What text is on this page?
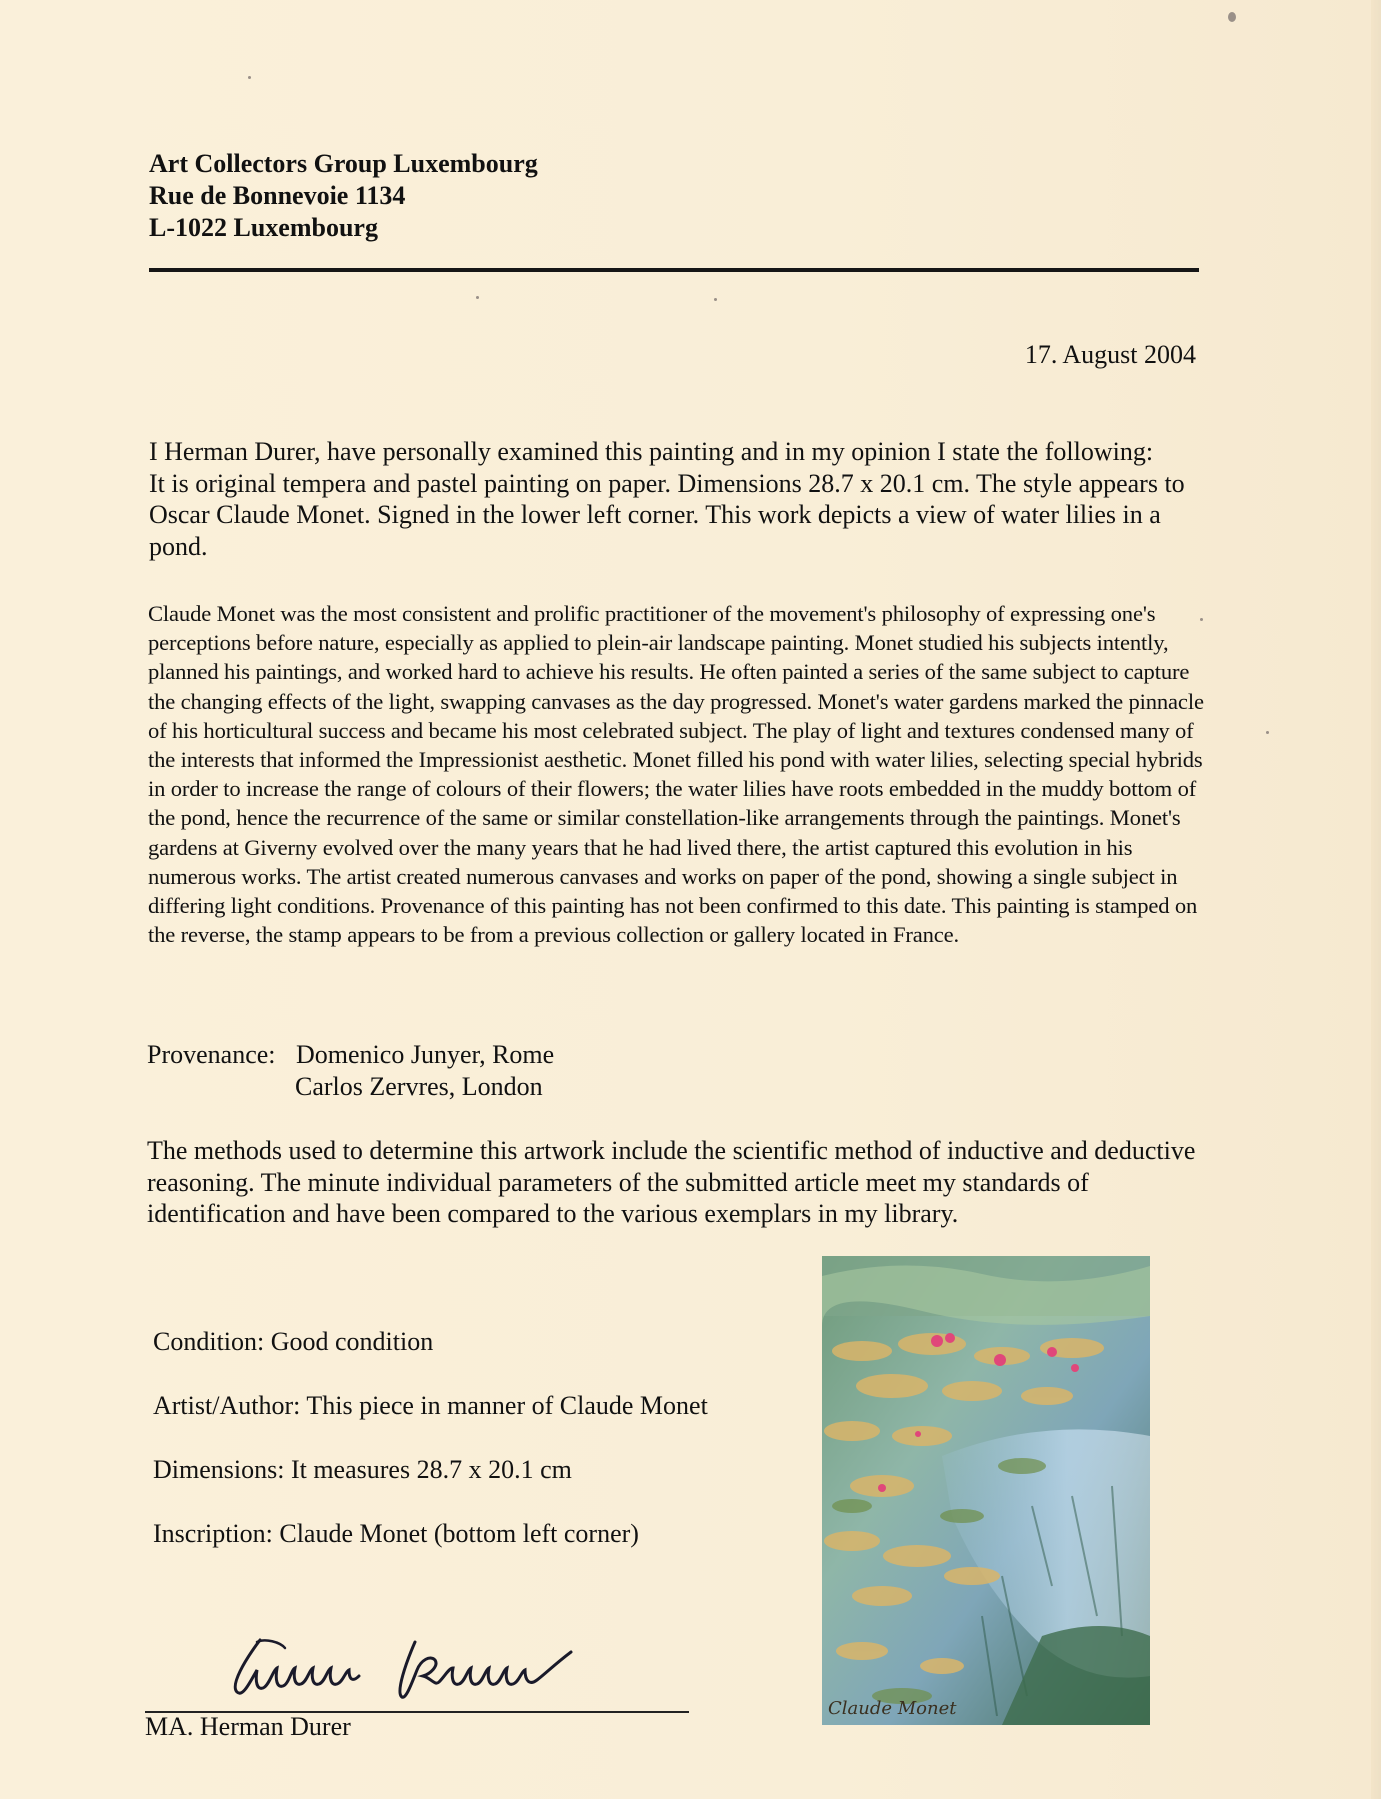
Art Collectors Group Luxembourg
Rue de Bonnevoie 1134
L-1022 Luxembourg
17. August 2004

I Herman Durer, have personally examined this painting and in my opinion I state the following:

It is original tempera and pastel painting on paper. Dimensions 28.7 x 20.1 cm. The style appears to Oscar Claude Monet. Signed in the lower left corner. This work depicts a view of water lilies in a pond.

Claude Monet was the most consistent and prolific practitioner of the movement's philosophy of expressing one's perceptions before nature, especially as applied to plein-air landscape painting. Monet studied his subjects intently, planned his paintings, and worked hard to achieve his results. He often painted a series of the same subject to capture the changing effects of the light, swapping canvases as the day progressed. Monet's water gardens marked the pinnacle of his horticultural success and became his most celebrated subject. The play of light and textures condensed many of the interests that informed the Impressionist aesthetic. Monet filled his pond with water lilies, selecting special hybrids in order to increase the range of colours of their flowers; the water lilies have roots embedded in the muddy bottom of the pond, hence the recurrence of the same or similar constellation-like arrangements through the paintings. Monet's gardens at Giverny evolved over the many years that he had lived there, the artist captured this evolution in his numerous works. The artist created numerous canvases and works on paper of the pond, showing a single subject in differing light conditions. Provenance of this painting has not been confirmed to this date. This painting is stamped on the reverse, the stamp appears to be from a previous collection or gallery located in France.
Provenance: Domenico Junyer, Rome
Carlos Zervres, London
The methods used to determine this artwork include the scientific method of inductive and deductive reasoning. The minute individual parameters of the submitted article meet my standards of identification and have been compared to the various exemplars in my library.
Condition: Good condition
Artist/Author: This piece in manner of Claude Monet
Dimensions: It measures 28.7 x 20.1 cm
Inscription: Claude Monet (bottom left corner)
MA. Herman Durer
Claude Monet
